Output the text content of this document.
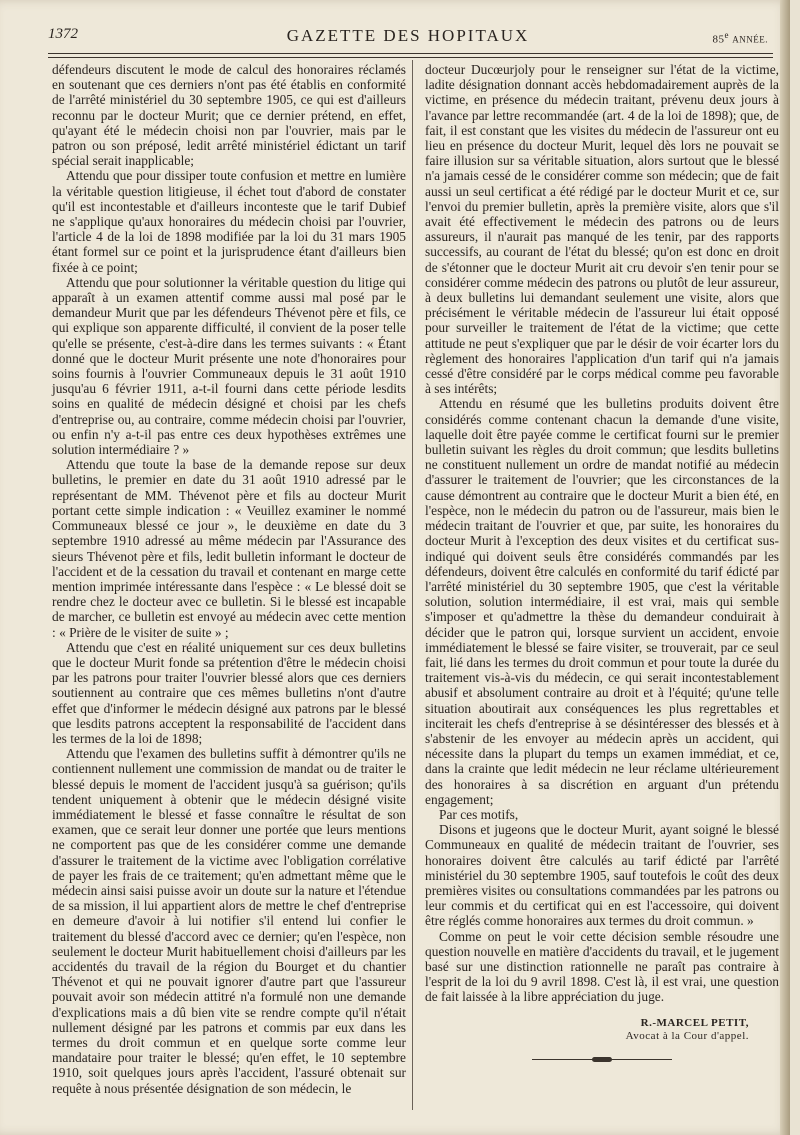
1372	GAZETTE DES HOPITAUX	85e ANNÉE.

défendeurs discutent le mode de calcul des honoraires réclamés en soutenant que ces derniers n'ont pas été établis en conformité de l'arrêté ministériel du 30 septembre 1905, ce qui est d'ailleurs reconnu par le docteur Murit; que ce dernier prétend, en effet, qu'ayant été le médecin choisi non par l'ouvrier, mais par le patron ou son préposé, ledit arrêté ministériel édictant un tarif spécial serait inapplicable;

Attendu que pour dissiper toute confusion et mettre en lumière la véritable question litigieuse, il échet tout d'abord de constater qu'il est incontestable et d'ailleurs inconteste que le tarif Dubief ne s'applique qu'aux honoraires du médecin choisi par l'ouvrier, l'article 4 de la loi de 1898 modifiée par la loi du 31 mars 1905 étant formel sur ce point et la jurisprudence étant d'ailleurs bien fixée à ce point;

Attendu que pour solutionner la véritable question du litige qui apparaît à un examen attentif comme aussi mal posé par le demandeur Murit que par les défendeurs Thévenot père et fils, ce qui explique son apparente difficulté, il convient de la poser telle qu'elle se présente, c'est-à-dire dans les termes suivants : « Étant donné que le docteur Murit présente une note d'honoraires pour soins fournis à l'ouvrier Communeaux depuis le 31 août 1910 jusqu'au 6 février 1911, a-t-il fourni dans cette période lesdits soins en qualité de médecin désigné et choisi par les chefs d'entreprise ou, au contraire, comme médecin choisi par l'ouvrier, ou enfin n'y a-t-il pas entre ces deux hypothèses extrêmes une solution intermédiaire ? »

Attendu que toute la base de la demande repose sur deux bulletins, le premier en date du 31 août 1910 adressé par le représentant de MM. Thévenot père et fils au docteur Murit portant cette simple indication : « Veuillez examiner le nommé Communeaux blessé ce jour », le deuxième en date du 3 septembre 1910 adressé au même médecin par l'Assurance des sieurs Thévenot père et fils, ledit bulletin informant le docteur de l'accident et de la cessation du travail et contenant en marge cette mention imprimée intéressante dans l'espèce : « Le blessé doit se rendre chez le docteur avec ce bulletin. Si le blessé est incapable de marcher, ce bulletin est envoyé au médecin avec cette mention : « Prière de le visiter de suite » ;

Attendu que c'est en réalité uniquement sur ces deux bulletins que le docteur Murit fonde sa prétention d'être le médecin choisi par les patrons pour traiter l'ouvrier blessé alors que ces derniers soutiennent au contraire que ces mêmes bulletins n'ont d'autre effet que d'informer le médecin désigné aux patrons par le blessé que lesdits patrons acceptent la responsabilité de l'accident dans les termes de la loi de 1898;

Attendu que l'examen des bulletins suffit à démontrer qu'ils ne contiennent nullement une commission de mandat ou de traiter le blessé depuis le moment de l'accident jusqu'à sa guérison; qu'ils tendent uniquement à obtenir que le médecin désigné visite immédiatement le blessé et fasse connaître le résultat de son examen, que ce serait leur donner une portée que leurs mentions ne comportent pas que de les considérer comme une demande d'assurer le traitement de la victime avec l'obligation corrélative de payer les frais de ce traitement; qu'en admettant même que le médecin ainsi saisi puisse avoir un doute sur la nature et l'étendue de sa mission, il lui appartient alors de mettre le chef d'entreprise en demeure d'avoir à lui notifier s'il entend lui confier le traitement du blessé d'accord avec ce dernier; qu'en l'espèce, non seulement le docteur Murit habituellement choisi d'ailleurs par les accidentés du travail de la région du Bourget et du chantier Thévenot et qui ne pouvait ignorer d'autre part que l'assureur pouvait avoir son médecin attitré n'a formulé non une demande d'explications mais a dû bien vite se rendre compte qu'il n'était nullement désigné par les patrons et commis par eux dans les termes du droit commun et en quelque sorte comme leur mandataire pour traiter le blessé; qu'en effet, le 10 septembre 1910, soit quelques jours après l'accident, l'assuré obtenait sur requête à nous présentée désignation de son médecin, le

docteur Ducœurjoly pour le renseigner sur l'état de la victime, ladite désignation donnant accès hebdomadairement auprès de la victime, en présence du médecin traitant, prévenu deux jours à l'avance par lettre recommandée (art. 4 de la loi de 1898); que, de fait, il est constant que les visites du médecin de l'assureur ont eu lieu en présence du docteur Murit, lequel dès lors ne pouvait se faire illusion sur sa véritable situation, alors surtout que le blessé n'a jamais cessé de le considérer comme son médecin; que de fait aussi un seul certificat a été rédigé par le docteur Murit et ce, sur l'envoi du premier bulletin, après la première visite, alors que s'il avait été effectivement le médecin des patrons ou de leurs assureurs, il n'aurait pas manqué de les tenir, par des rapports successifs, au courant de l'état du blessé; qu'on est donc en droit de s'étonner que le docteur Murit ait cru devoir s'en tenir pour se considérer comme médecin des patrons ou plutôt de leur assureur, à deux bulletins lui demandant seulement une visite, alors que précisément le véritable médecin de l'assureur lui était opposé pour surveiller le traitement de l'état de la victime; que cette attitude ne peut s'expliquer que par le désir de voir écarter lors du règlement des honoraires l'application d'un tarif qui n'a jamais cessé d'être considéré par le corps médical comme peu favorable à ses intérêts;

Attendu en résumé que les bulletins produits doivent être considérés comme contenant chacun la demande d'une visite, laquelle doit être payée comme le certificat fourni sur le premier bulletin suivant les règles du droit commun; que lesdits bulletins ne constituent nullement un ordre de mandat notifié au médecin d'assurer le traitement de l'ouvrier; que les circonstances de la cause démontrent au contraire que le docteur Murit a bien été, en l'espèce, non le médecin du patron ou de l'assureur, mais bien le médecin traitant de l'ouvrier et que, par suite, les honoraires du docteur Murit à l'exception des deux visites et du certificat sus-indiqué qui doivent seuls être considérés commandés par les défendeurs, doivent être calculés en conformité du tarif édicté par l'arrêté ministériel du 30 septembre 1905, que c'est la véritable solution, solution intermédiaire, il est vrai, mais qui semble s'imposer et qu'admettre la thèse du demandeur conduirait à décider que le patron qui, lorsque survient un accident, envoie immédiatement le blessé se faire visiter, se trouverait, par ce seul fait, lié dans les termes du droit commun et pour toute la durée du traitement vis-à-vis du médecin, ce qui serait incontestablement abusif et absolument contraire au droit et à l'équité; qu'une telle situation aboutirait aux conséquences les plus regrettables et inciterait les chefs d'entreprise à se désintéresser des blessés et à s'abstenir de les envoyer au médecin après un accident, qui nécessite dans la plupart du temps un examen immédiat, et ce, dans la crainte que ledit médecin ne leur réclame ultérieurement des honoraires à sa discrétion en arguant d'un prétendu engagement;

Par ces motifs,

Disons et jugeons que le docteur Murit, ayant soigné le blessé Communeaux en qualité de médecin traitant de l'ouvrier, ses honoraires doivent être calculés au tarif édicté par l'arrêté ministériel du 30 septembre 1905, sauf toutefois le coût des deux premières visites ou consultations commandées par les patrons ou leur commis et du certificat qui en est l'accessoire, qui doivent être réglés comme honoraires aux termes du droit commun. »

Comme on peut le voir cette décision semble résoudre une question nouvelle en matière d'accidents du travail, et le jugement basé sur une distinction rationnelle ne paraît pas contraire à l'esprit de la loi du 9 avril 1898. C'est là, il est vrai, une question de fait laissée à la libre appréciation du juge.

R.-MARCEL PETIT,
Avocat à la Cour d'appel.
